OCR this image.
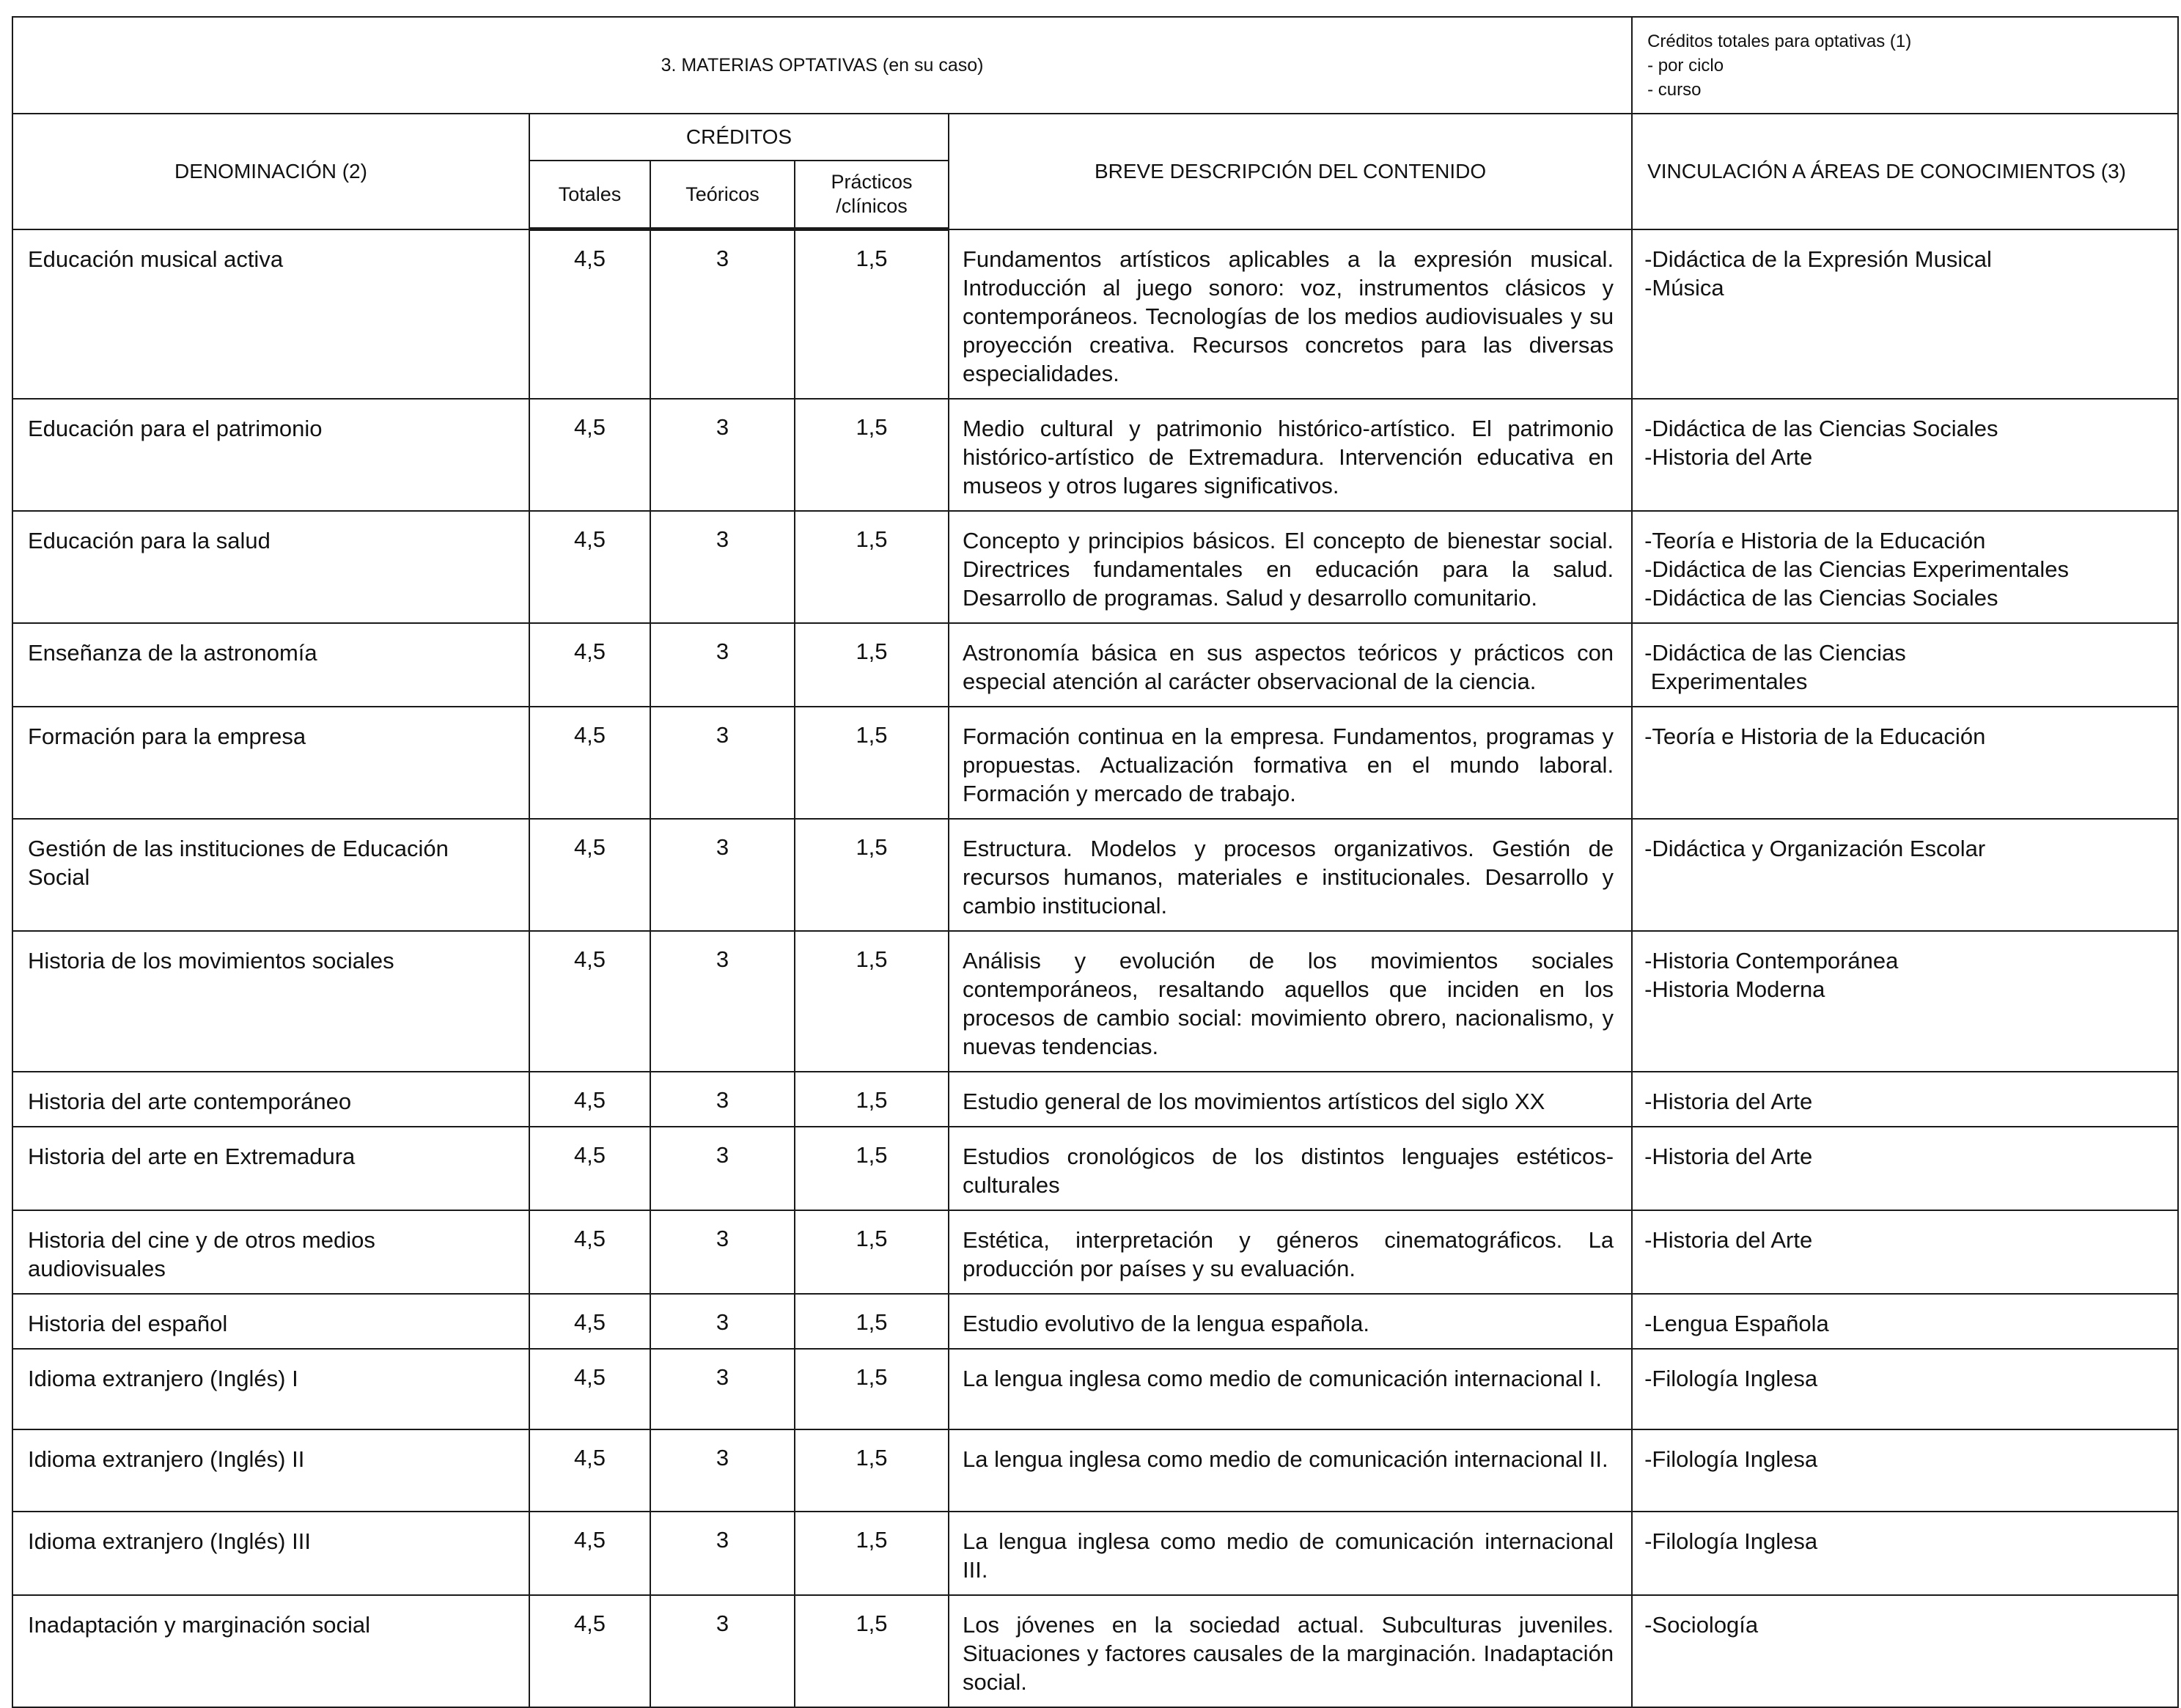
3. MATERIAS OPTATIVAS (en su caso)					Créditos totales para optativas (1)
- por ciclo
- curso

DENOMINACIÓN (2)	CRÉDITOS			BREVE DESCRIPCIÓN DEL CONTENIDO	VINCULACIÓN A ÁREAS DE CONOCIMIENTOS (3)
	Totales	Teóricos	Prácticos /clínicos		
Educación musical activa	4,5	3	1,5	Fundamentos artísticos aplicables a la expresión musical. Introducción al juego sonoro: voz, instrumentos clásicos y contemporáneos. Tecnologías de los medios audiovisuales y su proyección creativa. Recursos concretos para las diversas especialidades.	-Didáctica de la Expresión Musical
-Música

Educación para el patrimonio	4,5	3	1,5	Medio cultural y patrimonio histórico-artístico. El patrimonio histórico-artístico de Extremadura. Intervención educativa en museos y otros lugares significativos.	-Didáctica de las Ciencias Sociales
-Historia del Arte

Educación para la salud	4,5	3	1,5	Concepto y principios básicos. El concepto de bienestar social. Directrices fundamentales en educación para la salud. Desarrollo de programas. Salud y desarrollo comunitario.	-Teoría e Historia de la Educación
-Didáctica de las Ciencias Experimentales
-Didáctica de las Ciencias Sociales

Enseñanza de la astronomía	4,5	3	1,5	Astronomía básica en sus aspectos teóricos y prácticos con especial atención al carácter observacional de la ciencia.	-Didáctica de las Ciencias
Experimentales

Formación para la empresa	4,5	3	1,5	Formación continua en la empresa. Fundamentos, programas y propuestas. Actualización formativa en el mundo laboral. Formación y mercado de trabajo.	-Teoría e Historia de la Educación

Gestión de las instituciones de Educación Social	4,5	3	1,5	Estructura. Modelos y procesos organizativos. Gestión de recursos humanos, materiales e institucionales. Desarrollo y cambio institucional.	-Didáctica y Organización Escolar

Historia de los movimientos sociales	4,5	3	1,5	Análisis y evolución de los movimientos sociales contemporáneos, resaltando aquellos que inciden en los procesos de cambio social: movimiento obrero, nacionalismo, y nuevas tendencias.	-Historia Contemporánea
-Historia Moderna

Historia del arte contemporáneo	4,5	3	1,5	Estudio general de los movimientos artísticos del siglo XX	-Historia del Arte

Historia del arte en Extremadura	4,5	3	1,5	Estudios cronológicos de los distintos lenguajes estéticos-culturales	-Historia del Arte

Historia del cine y de otros medios audiovisuales	4,5	3	1,5	Estética, interpretación y géneros cinematográficos. La producción por países y su evaluación.	-Historia del Arte

Historia del español	4,5	3	1,5	Estudio evolutivo de la lengua española.	-Lengua Española

Idioma extranjero (Inglés) I	4,5	3	1,5	La lengua inglesa como medio de comunicación internacional I.	-Filología Inglesa

Idioma extranjero (Inglés) II	4,5	3	1,5	La lengua inglesa como medio de comunicación internacional II.	-Filología Inglesa

Idioma extranjero (Inglés) III	4,5	3	1,5	La lengua inglesa como medio de comunicación internacional III.	-Filología Inglesa

Inadaptación y marginación social	4,5	3	1,5	Los jóvenes en la sociedad actual. Subculturas juveniles. Situaciones y factores causales de la marginación. Inadaptación social.	-Sociología
